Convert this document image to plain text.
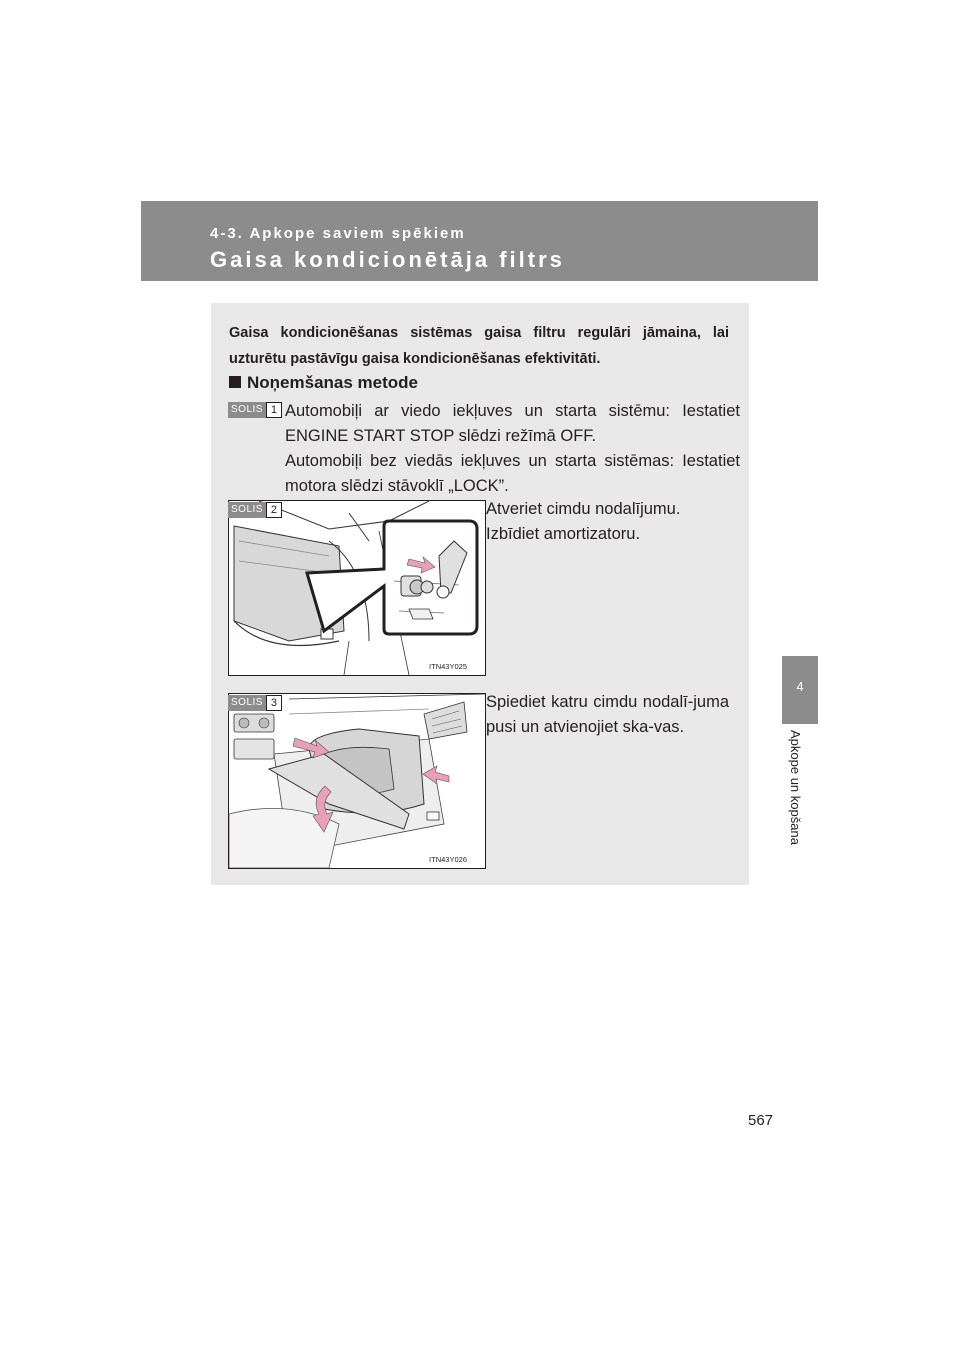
4-3. Apkope saviem spēkiem
Gaisa kondicionētāja filtrs
4
Apkope un kopšana
Gaisa kondicionēšanas sistēmas gaisa filtru regulāri jāmaina, lai uzturētu pastāvīgu gaisa kondicionēšanas efektivitāti.
Noņemšanas metode
SOLIS 1 Automobiļi ar viedo iekļuves un starta sistēmu: Iestatiet ENGINE START STOP slēdzi režīmā OFF.

Automobiļi bez viedās iekļuves un starta sistēmas: Iestatiet motora slēdzi stāvoklī „LOCK”.

ITN43Y025
SOLIS 2	Atveriet cimdu nodalījumu.

Izbīdiet amortizatoru.

ITN43Y026
SOLIS 3	Spiediet katru cimdu nodalī-juma pusi un atvienojiet ska-vas.

567
